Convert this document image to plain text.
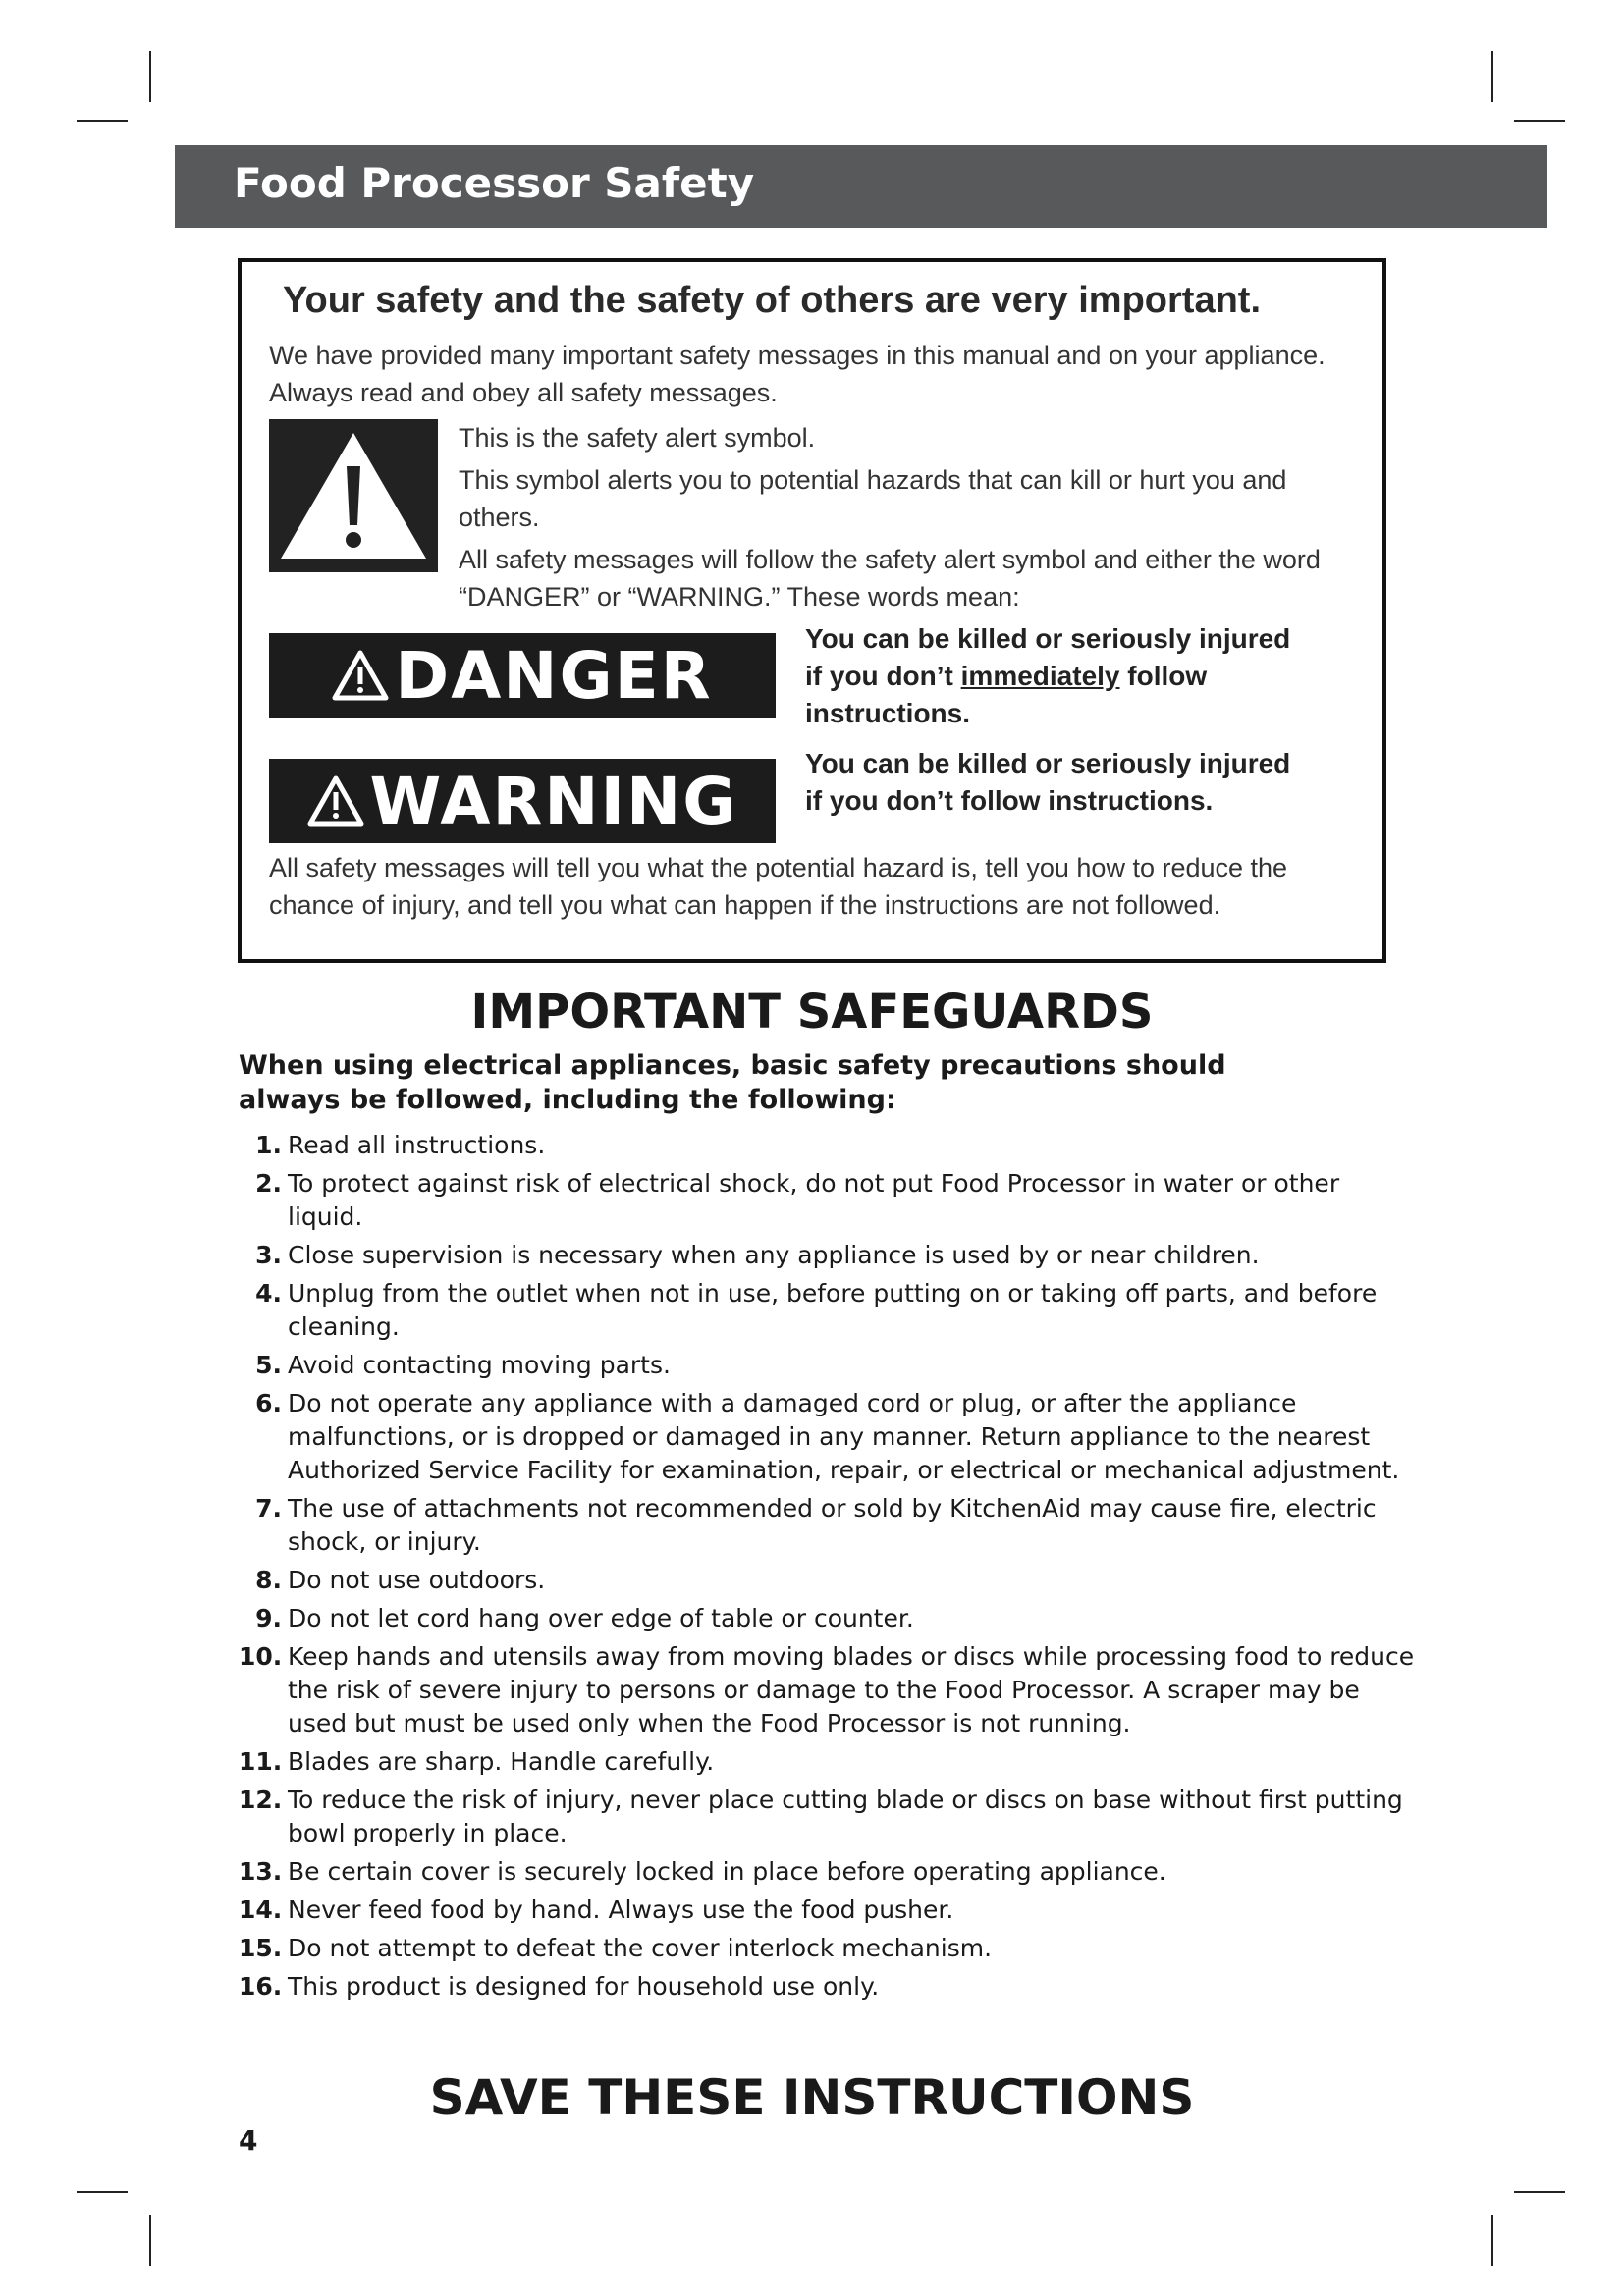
Food Processor Safety
Your safety and the safety of others are very important.

We have provided many important safety messages in this manual and on your appliance. Always read and obey all safety messages.

This is the safety alert symbol.

This symbol alerts you to potential hazards that can kill or hurt you and others.

All safety messages will follow the safety alert symbol and either the word “DANGER” or “WARNING.” These words mean:

DANGER	You can be killed or seriously injured

if you don’t immediately follow

instructions.

WARNING You can be killed or seriously injured

if you don’t follow instructions.

All safety messages will tell you what the potential hazard is, tell you how to reduce the chance of injury, and tell you what can happen if the instructions are not followed.

IMPORTANT SAFEGUARDS

When using electrical appliances, basic safety precautions should always be followed, including the following:

1. Read all instructions.
2. To protect against risk of electrical shock, do not put Food Processor in water or other liquid.
3. Close supervision is necessary when any appliance is used by or near children.
4. Unplug from the outlet when not in use, before putting on or taking off parts, and before cleaning.
5. Avoid contacting moving parts.
6. Do not operate any appliance with a damaged cord or plug, or after the appliance malfunctions, or is dropped or damaged in any manner. Return appliance to the nearest Authorized Service Facility for examination, repair, or electrical or mechanical adjustment.
7. The use of attachments not recommended or sold by KitchenAid may cause fire, electric shock, or injury.
8. Do not use outdoors.
9. Do not let cord hang over edge of table or counter.
10. Keep hands and utensils away from moving blades or discs while processing food to reduce the risk of severe injury to persons or damage to the Food Processor. A scraper may be used but must be used only when the Food Processor is not running.
11. Blades are sharp. Handle carefully.
12. To reduce the risk of injury, never place cutting blade or discs on base without first putting bowl properly in place.
13. Be certain cover is securely locked in place before operating appliance.
14. Never feed food by hand. Always use the food pusher.
15. Do not attempt to defeat the cover interlock mechanism.
16. This product is designed for household use only.
SAVE THESE INSTRUCTIONS

4
